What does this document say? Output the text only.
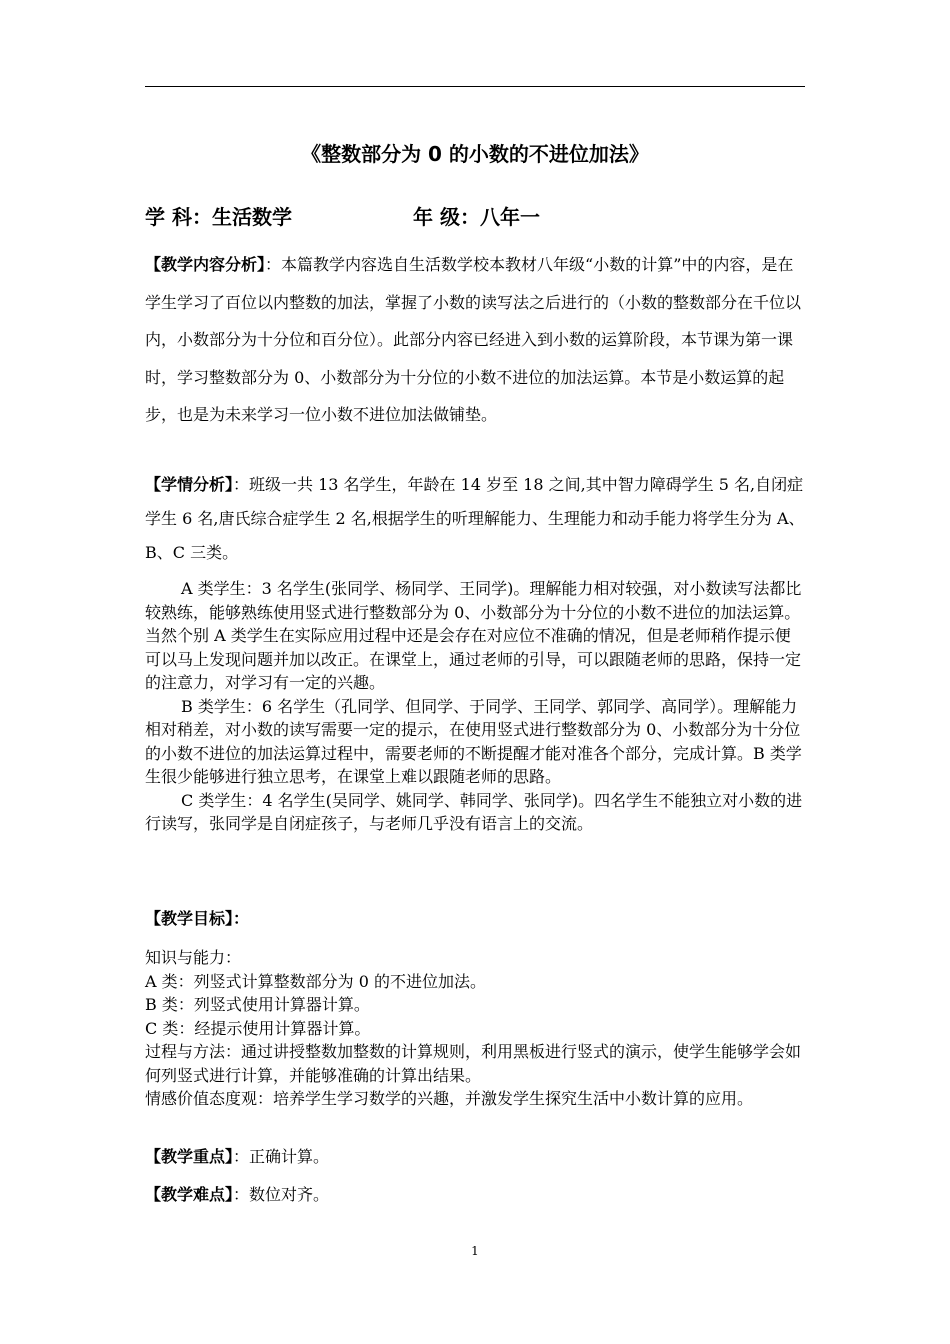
《整数部分为 0 的小数的不进位加法》
学 科：生活数学	年 级：八年一

【教学内容分析】：本篇教学内容选自生活数学校本教材八年级“小数的计算”中的内容，是在学生学习了百位以内整数的加法，掌握了小数的读写法之后进行的（小数的整数部分在千位以内，小数部分为十分位和百分位）。此部分内容已经进入到小数的运算阶段，本节课为第一课时，学习整数部分为 0、小数部分为十分位的小数不进位的加法运算。本节是小数运算的起步，也是为未来学习一位小数不进位加法做铺垫。

【学情分析】：班级一共 13 名学生，年龄在 14 岁至 18 之间,其中智力障碍学生 5 名,自闭症学生 6 名,唐氏综合症学生 2 名,根据学生的听理解能力、生理能力和动手能力将学生分为 A、B、C 三类。

A 类学生：3 名学生(张同学、杨同学、王同学)。理解能力相对较强，对小数读写法都比较熟练，能够熟练使用竖式进行整数部分为 0、小数部分为十分位的小数不进位的加法运算。当然个别 A 类学生在实际应用过程中还是会存在对应位不准确的情况，但是老师稍作提示便可以马上发现问题并加以改正。在课堂上，通过老师的引导，可以跟随老师的思路，保持一定的注意力，对学习有一定的兴趣。

B 类学生：6 名学生（孔同学、但同学、于同学、王同学、郭同学、高同学）。理解能力相对稍差，对小数的读写需要一定的提示，在使用竖式进行整数部分为 0、小数部分为十分位的小数不进位的加法运算过程中，需要老师的不断提醒才能对准各个部分，完成计算。B 类学生很少能够进行独立思考，在课堂上难以跟随老师的思路。

C 类学生：4 名学生(吴同学、姚同学、韩同学、张同学)。四名学生不能独立对小数的进行读写，张同学是自闭症孩子，与老师几乎没有语言上的交流。

【教学目标】：

知识与能力：

A 类：列竖式计算整数部分为 0 的不进位加法。

B 类：列竖式使用计算器计算。

C 类：经提示使用计算器计算。

过程与方法：通过讲授整数加整数的计算规则，利用黑板进行竖式的演示，使学生能够学会如何列竖式进行计算，并能够准确的计算出结果。

情感价值态度观：培养学生学习数学的兴趣，并激发学生探究生活中小数计算的应用。

【教学重点】：正确计算。

【教学难点】：数位对齐。

1
